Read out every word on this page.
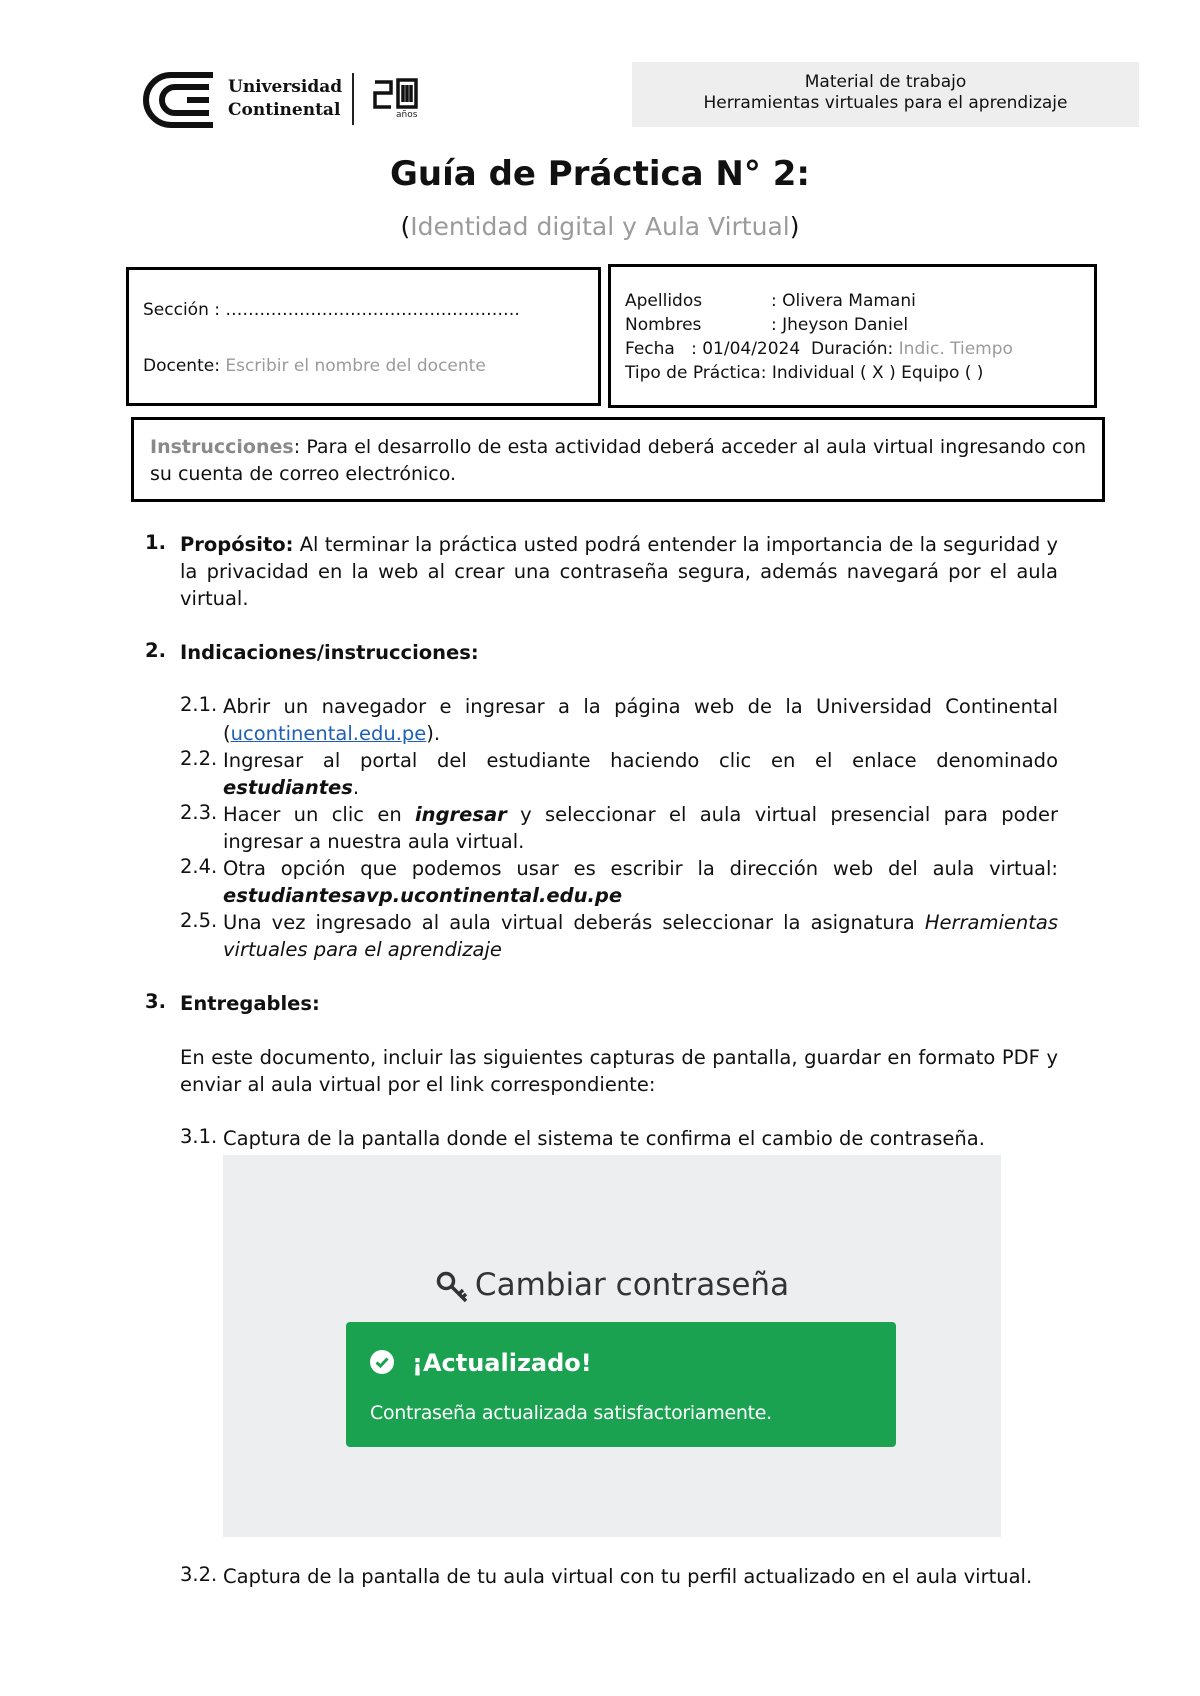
Universidad
Continental	años
Material de trabajo
Herramientas virtuales para el aprendizaje
Guía de Práctica N° 2:
(Identidad digital y Aula Virtual)
Sección : …………………………………………….
Docente: Escribir el nombre del docente
Apellidos	: Olivera Mamani
Nombres	: Jheyson Daniel
Fecha : 01/04/2024 Duración: Indic. Tiempo
Tipo de Práctica: Individual ( X ) Equipo ( )
Instrucciones: Para el desarrollo de esta actividad deberá acceder al aula virtual ingresando con su cuenta de correo electrónico.
1. Propósito: Al terminar la práctica usted podrá entender la importancia de la seguridad y la privacidad en la web al crear una contraseña segura, además navegará por el aula virtual.
2. Indicaciones/instrucciones:
2.1. Abrir un navegador e ingresar a la página web de la Universidad Continental (ucontinental.edu.pe).
2.2. Ingresar al portal del estudiante haciendo clic en el enlace denominado estudiantes.
2.3. Hacer un clic en ingresar y seleccionar el aula virtual presencial para poder ingresar a nuestra aula virtual.
2.4. Otra opción que podemos usar es escribir la dirección web del aula virtual: estudiantesavp.ucontinental.edu.pe
2.5. Una vez ingresado al aula virtual deberás seleccionar la asignatura Herramientas virtuales para el aprendizaje
3. Entregables:
En este documento, incluir las siguientes capturas de pantalla, guardar en formato PDF y enviar al aula virtual por el link correspondiente:
3.1. Captura de la pantalla donde el sistema te confirma el cambio de contraseña.
Cambiar contraseña
¡Actualizado!
Contraseña actualizada satisfactoriamente.
3.2. Captura de la pantalla de tu aula virtual con tu perfil actualizado en el aula virtual.
